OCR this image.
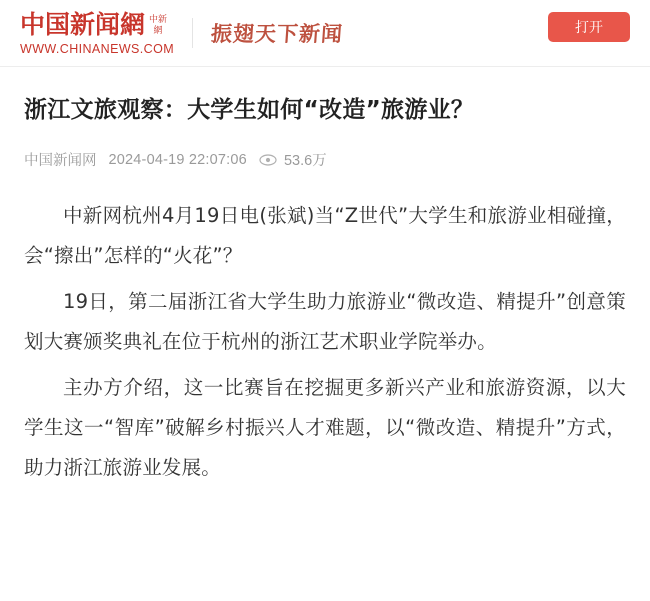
中国新闻網 中新
網
WWW.CHINANEWS.COM
振翅天下新闻	打开
浙江文旅观察：大学生如何“改造”旅游业？
中国新闻网 2024-04-19 22:07:06	53.6万

中新网杭州4月19日电(张斌)当“Z世代”大学生和旅游业相碰撞，会“擦出”怎样的“火花”？

19日，第二届浙江省大学生助力旅游业“微改造、精提升”创意策划大赛颁奖典礼在位于杭州的浙江艺术职业学院举办。

主办方介绍，这一比赛旨在挖掘更多新兴产业和旅游资源，以大学生这一“智库”破解乡村振兴人才难题，以“微改造、精提升”方式，助力浙江旅游业发展。
